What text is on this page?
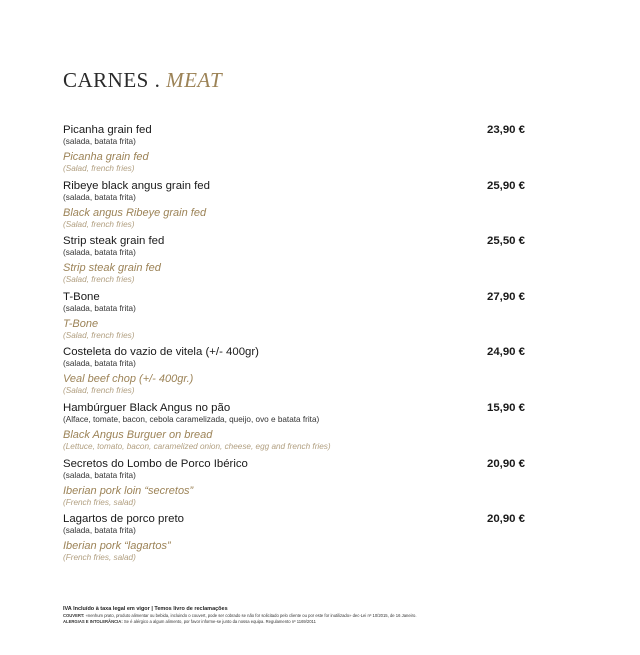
CARNES . MEAT
Picanha grain fed
(salada, batata frita)
Picanha grain fed
(Salad, french fries)
23,90 €
Ribeye black angus grain fed
(salada, batata frita)
Black angus Ribeye grain fed
(Salad, french fries)
25,90 €
Strip steak grain fed
(salada, batata frita)
Strip steak grain fed
(Salad, french fries)
25,50 €
T-Bone
(salada, batata frita)
T-Bone
(Salad, french fries)
27,90 €
Costeleta do vazio de vitela (+/- 400gr)
(salada, batata frita)
Veal beef chop (+/- 400gr.)
(Salad, french fries)
24,90 €
Hambúrguer Black Angus no pão
(Alface, tomate, bacon, cebola caramelizada, queijo, ovo e batata frita)
Black Angus Burguer on bread
(Lettuce, tomato, bacon, caramelized onion, cheese, egg and french fries)
15,90 €
Secretos do Lombo de Porco Ibérico
(salada, batata frita)
Iberian pork loin “secretos”
(French fries, salad)
20,90 €
Lagartos de porco preto
(salada, batata frita)
Iberian pork “lagartos”
(French fries, salad)
20,90 €
IVA Incluído à taxa legal em vigor | Temos livro de reclamações
COUVERT: «nenhum prato, produto alimentar ou bebida, incluindo o couvert, pode ser cobrado se não for solicitado pelo cliente ou por este for inutilizado» dec-Lei nº 10/2015, de 16 Janeiro.
ALERGIAS E INTOLERÂNCIA: Se é alérgico a algum alimento, por favor informe-se junto da nossa equipa. Regulamento nº 1169/2011
